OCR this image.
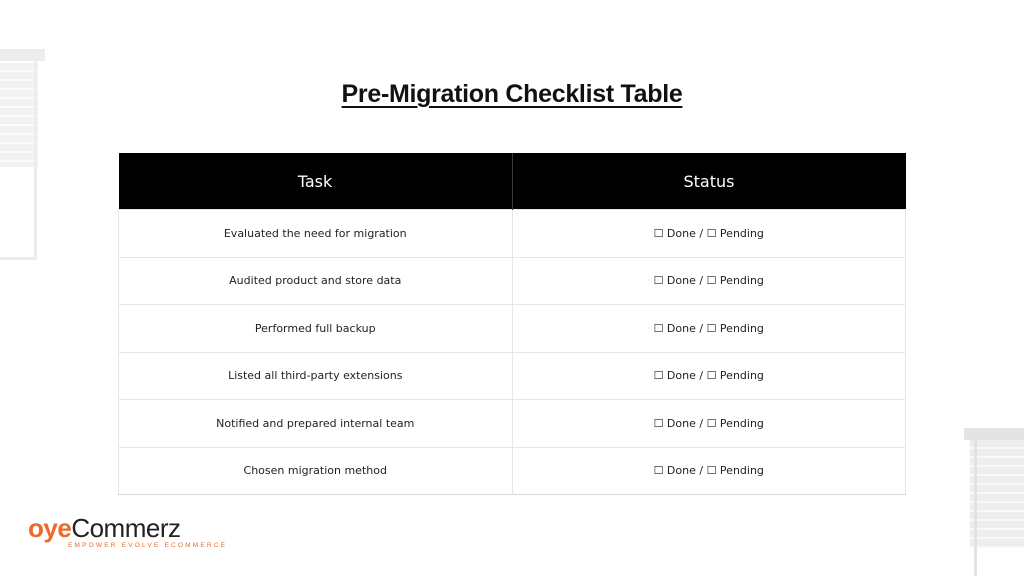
Pre-Migration Checklist Table
Task	Status
Evaluated the need for migration	☐ Done / ☐ Pending
Audited product and store data	☐ Done / ☐ Pending
Performed full backup	☐ Done / ☐ Pending
Listed all third-party extensions	☐ Done / ☐ Pending
Notified and prepared internal team	☐ Done / ☐ Pending
Chosen migration method	☐ Done / ☐ Pending
oyeCommerz
EMPOWER EVOLVE ECOMMERCE
